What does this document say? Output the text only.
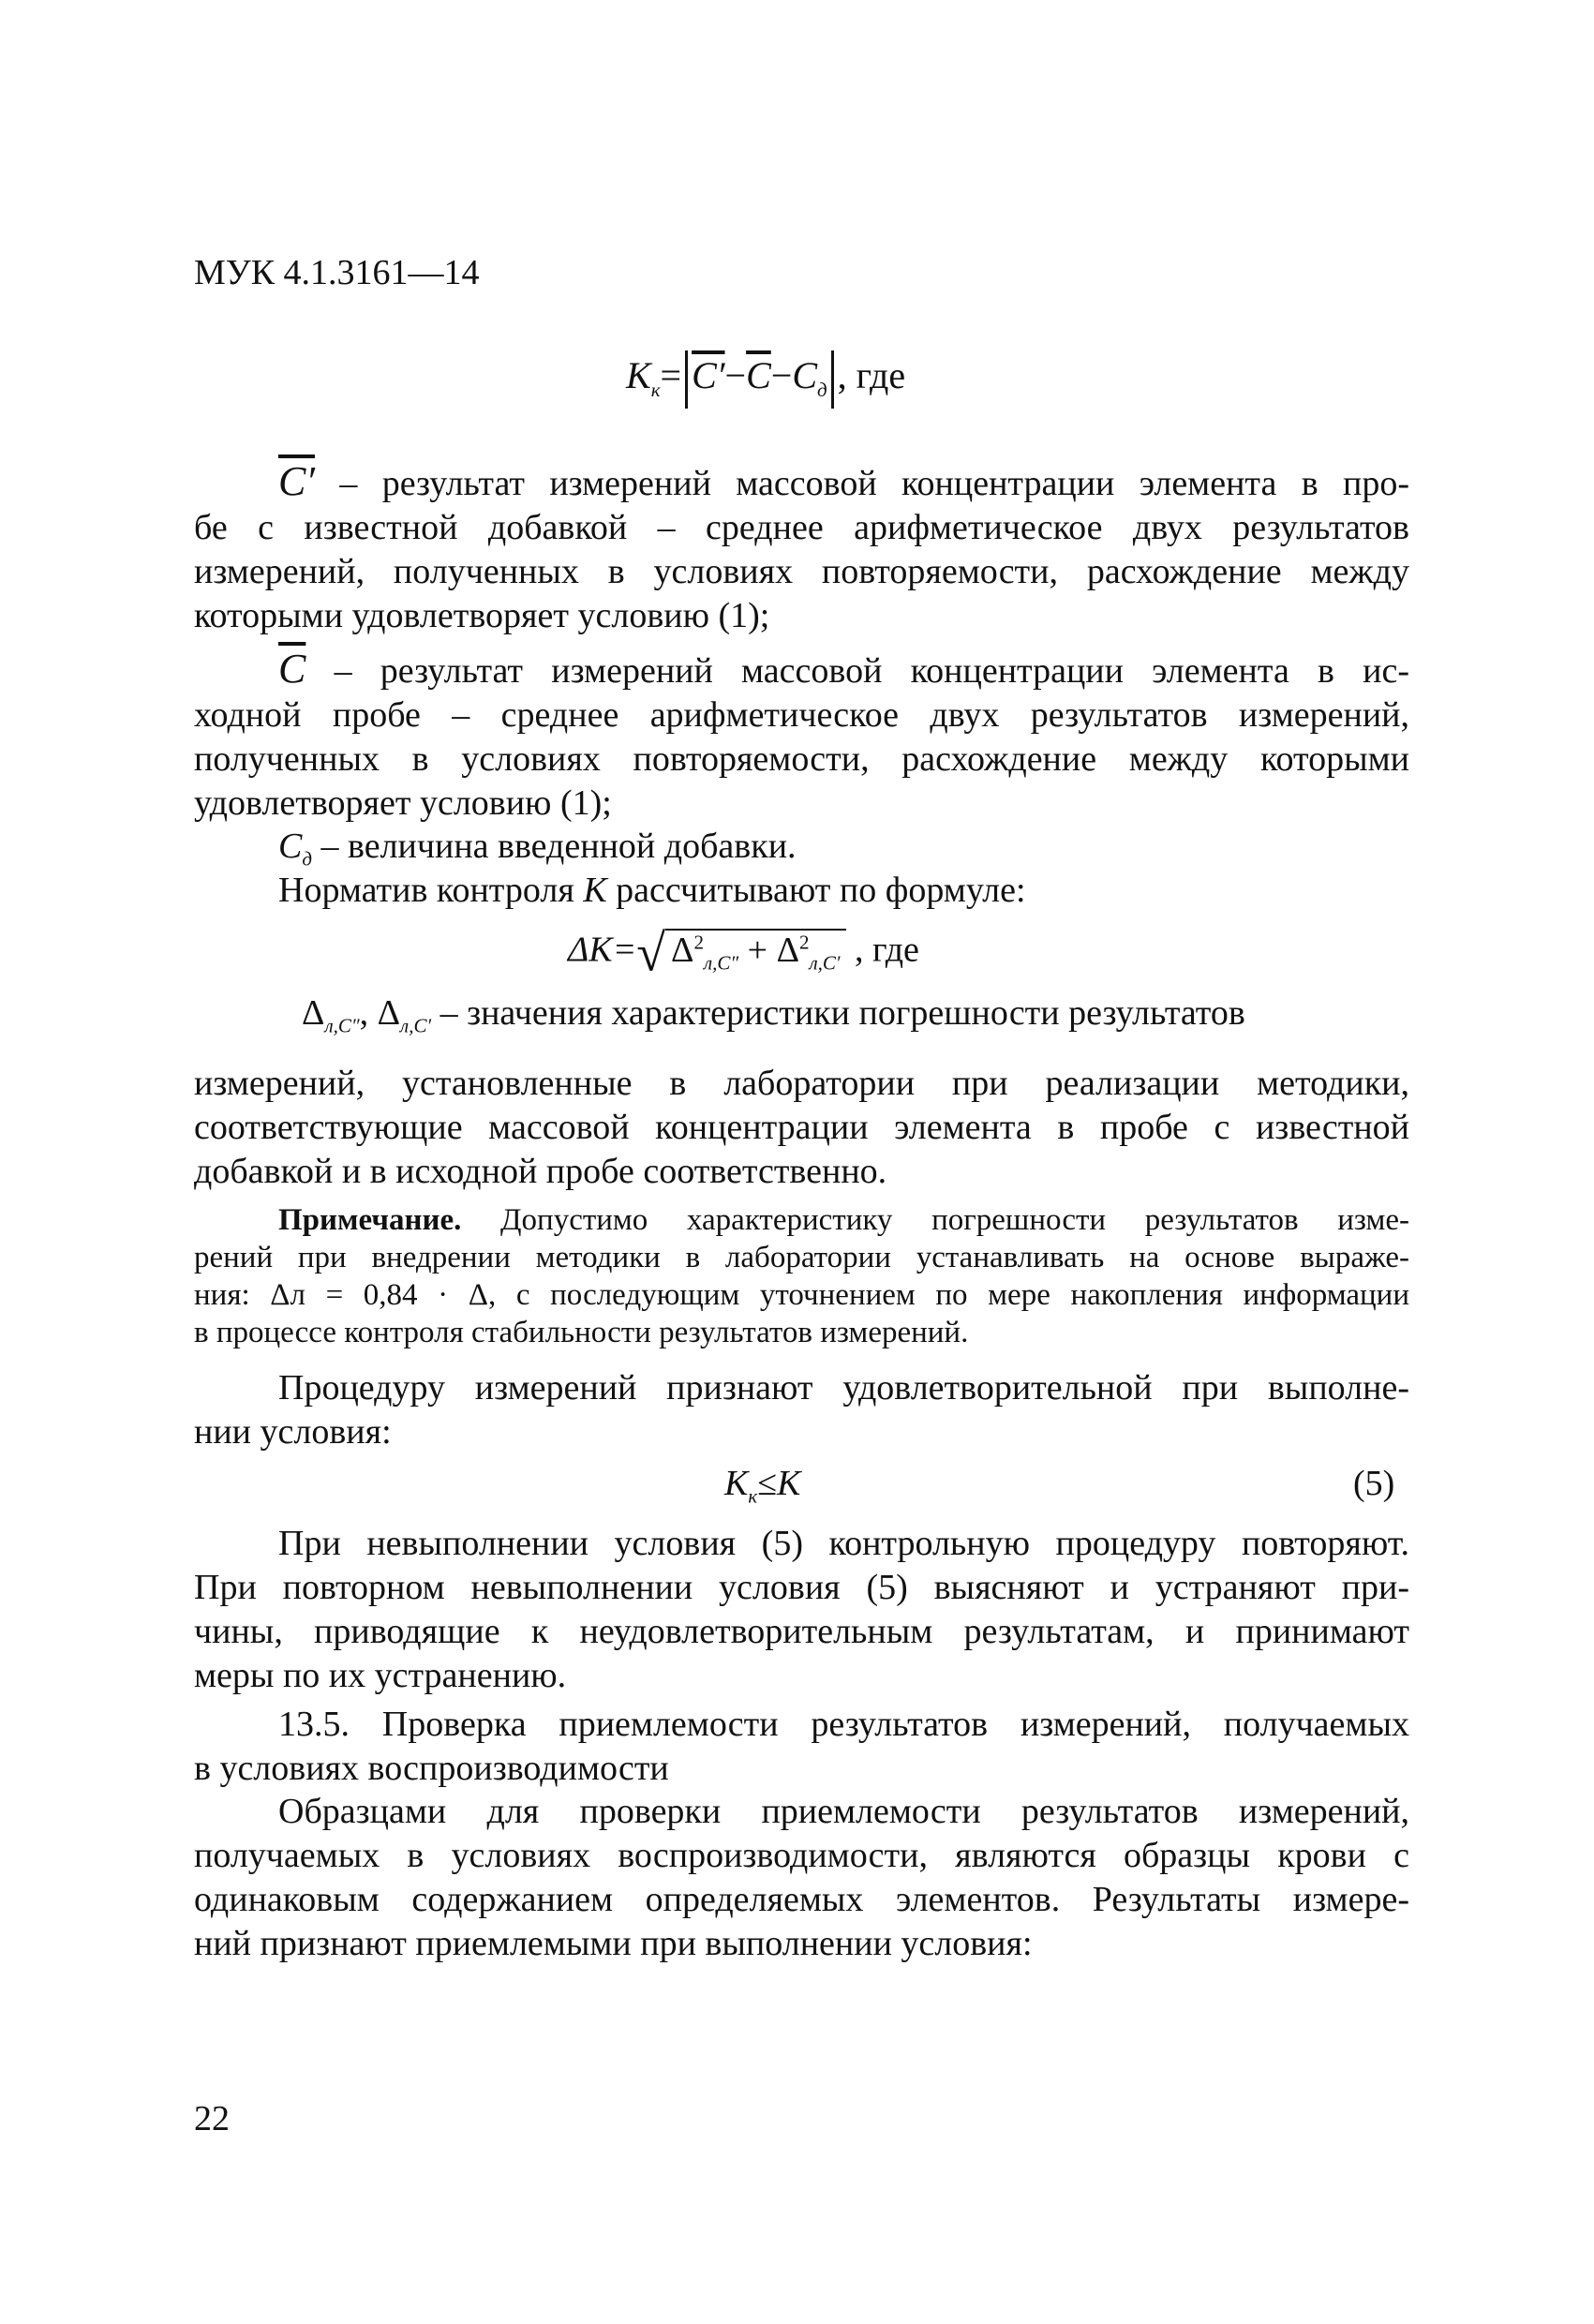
МУК 4.1.3161—14
$K_к= C'-\overline{C}-C_д$ , где
C′ – результат измерений массовой концентрации элемента в про-
бе с известной добавкой – среднее арифметическое двух результатов
измерений, полученных в условиях повторяемости, расхождение между
которыми удовлетворяет условию (1);
$\overline{C}$ – результат измерений массовой концентрации элемента в ис-
ходной пробе – среднее арифметическое двух результатов измерений,
полученных в условиях повторяемости, расхождение между которыми
удовлетворяет условию (1);
$C_д$ – величина введенной добавки.
Норматив контроля K рассчитывают по формуле:
ΔK=√ $\Delta^2_{л,C''} + \Delta^2_{л,C'}$ , где
$\Delta_{л,C''}$, $\Delta_{л,C'}$ – значения характеристики погрешности результатов
измерений, установленные в лаборатории при реализации методики,
соответствующие массовой концентрации элемента в пробе с известной
добавкой и в исходной пробе соответственно.
Примечание. Допустимо характеристику погрешности результатов изме-
рений при внедрении методики в лаборатории устанавливать на основе выраже-
ния: Δл = 0,84 · Δ, с последующим уточнением по мере накопления информации
в процессе контроля стабильности результатов измерений.
Процедуру измерений признают удовлетворительной при выполне-
нии условия:
$K_к\le K$	(5)
При невыполнении условия (5) контрольную процедуру повторяют.
При повторном невыполнении условия (5) выясняют и устраняют при-
чины, приводящие к неудовлетворительным результатам, и принимают
меры по их устранению.
13.5. Проверка приемлемости результатов измерений, получаемых
в условиях воспроизводимости
Образцами для проверки приемлемости результатов измерений,
получаемых в условиях воспроизводимости, являются образцы крови с
одинаковым содержанием определяемых элементов. Результаты измере-
ний признают приемлемыми при выполнении условия:
22
